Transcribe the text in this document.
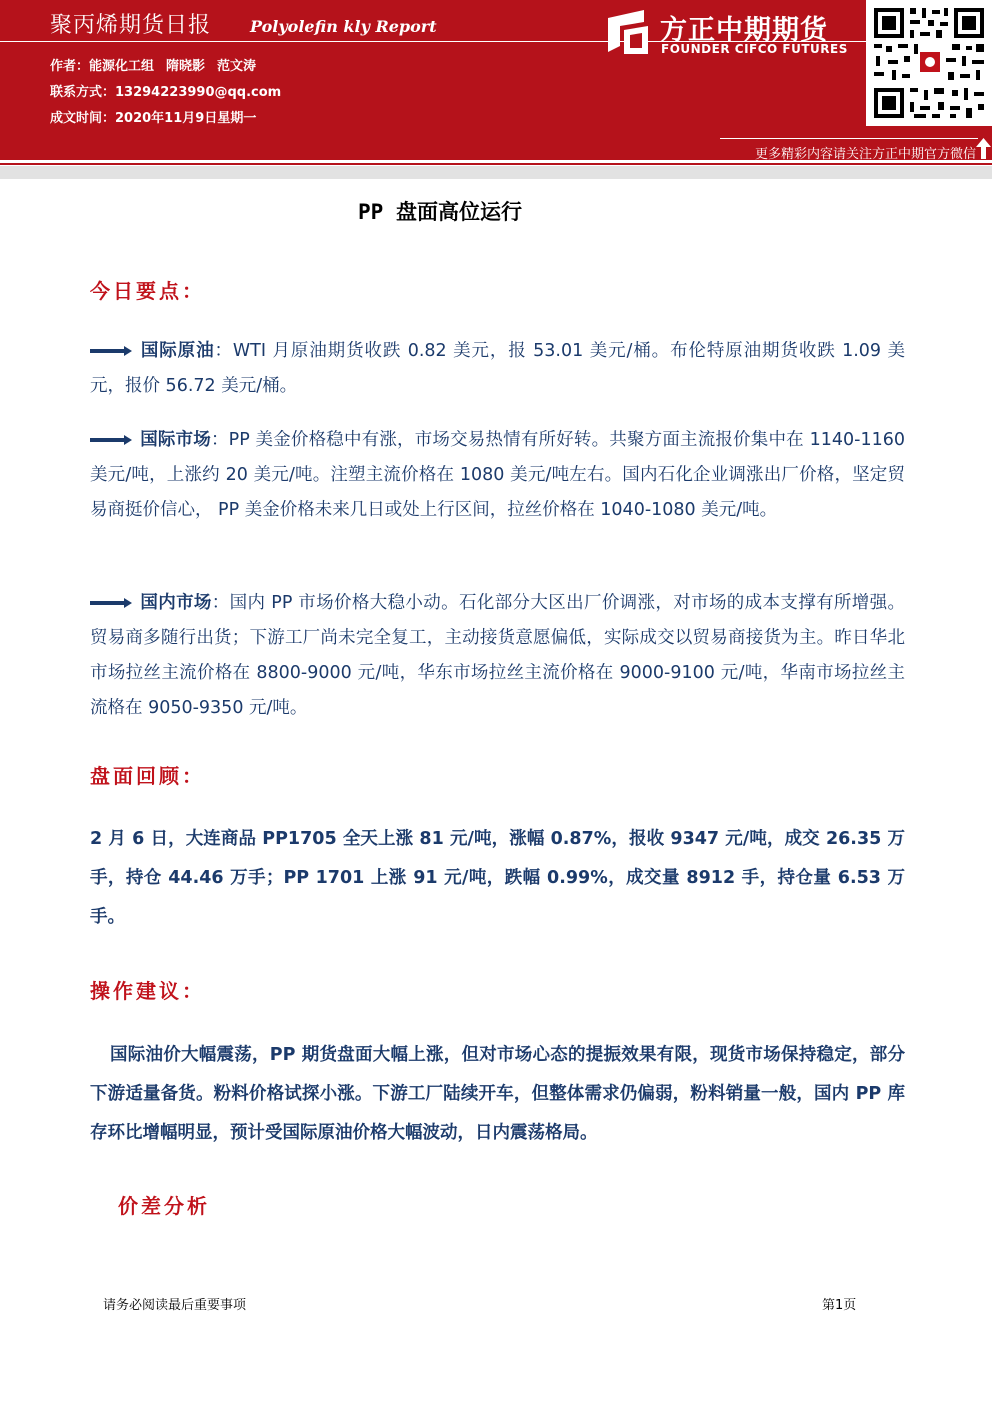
聚丙烯期货日报 Polyolefin kly Report
作者：能源化工组 隋晓影 范文涛
联系方式：13294223990@qq.com
成文时间：2020年11月9日星期一
方正中期期货
FOUNDER CIFCO FUTURES
更多精彩内容请关注方正中期官方微信
PP 盘面高位运行
今日要点：
国际原油：WTI 月原油期货收跌 0.82 美元，报 53.01 美元/桶。布伦特原油期货收跌 1.09 美元，报价 56.72 美元/桶。
国际市场：PP 美金价格稳中有涨，市场交易热情有所好转。共聚方面主流报价集中在 1140-1160 美元/吨，上涨约 20 美元/吨。注塑主流价格在 1080 美元/吨左右。国内石化企业调涨出厂价格，坚定贸易商挺价信心， PP 美金价格未来几日或处上行区间，拉丝价格在 1040-1080 美元/吨。
国内市场：国内 PP 市场价格大稳小动。石化部分大区出厂价调涨，对市场的成本支撑有所增强。贸易商多随行出货；下游工厂尚未完全复工，主动接货意愿偏低，实际成交以贸易商接货为主。昨日华北市场拉丝主流价格在 8800-9000 元/吨，华东市场拉丝主流价格在 9000-9100 元/吨，华南市场拉丝主流格在 9050-9350 元/吨。
盘面回顾：
2 月 6 日，大连商品 PP1705 全天上涨 81 元/吨，涨幅 0.87%，报收 9347 元/吨，成交 26.35 万手，持仓 44.46 万手；PP 1701 上涨 91 元/吨，跌幅 0.99%，成交量 8912 手，持仓量 6.53 万手。
操作建议：
国际油价大幅震荡，PP 期货盘面大幅上涨，但对市场心态的提振效果有限，现货市场保持稳定，部分下游适量备货。粉料价格试探小涨。下游工厂陆续开车，但整体需求仍偏弱，粉料销量一般，国内 PP 库存环比增幅明显，预计受国际原油价格大幅波动，日内震荡格局。
价差分析
请务必阅读最后重要事项	第1页
